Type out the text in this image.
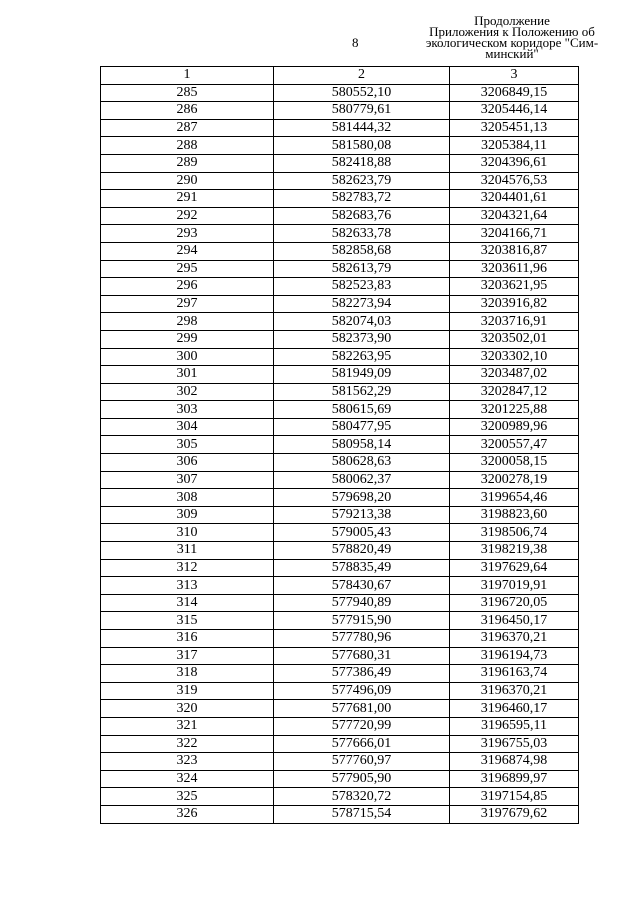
8
Продолжение
Приложения к Положению об
экологическом коридоре "Сим-
минский"
1	2	3
285	580552,10	3206849,15
286	580779,61	3205446,14
287	581444,32	3205451,13
288	581580,08	3205384,11
289	582418,88	3204396,61
290	582623,79	3204576,53
291	582783,72	3204401,61
292	582683,76	3204321,64
293	582633,78	3204166,71
294	582858,68	3203816,87
295	582613,79	3203611,96
296	582523,83	3203621,95
297	582273,94	3203916,82
298	582074,03	3203716,91
299	582373,90	3203502,01
300	582263,95	3203302,10
301	581949,09	3203487,02
302	581562,29	3202847,12
303	580615,69	3201225,88
304	580477,95	3200989,96
305	580958,14	3200557,47
306	580628,63	3200058,15
307	580062,37	3200278,19
308	579698,20	3199654,46
309	579213,38	3198823,60
310	579005,43	3198506,74
311	578820,49	3198219,38
312	578835,49	3197629,64
313	578430,67	3197019,91
314	577940,89	3196720,05
315	577915,90	3196450,17
316	577780,96	3196370,21
317	577680,31	3196194,73
318	577386,49	3196163,74
319	577496,09	3196370,21
320	577681,00	3196460,17
321	577720,99	3196595,11
322	577666,01	3196755,03
323	577760,97	3196874,98
324	577905,90	3196899,97
325	578320,72	3197154,85
326	578715,54	3197679,62
